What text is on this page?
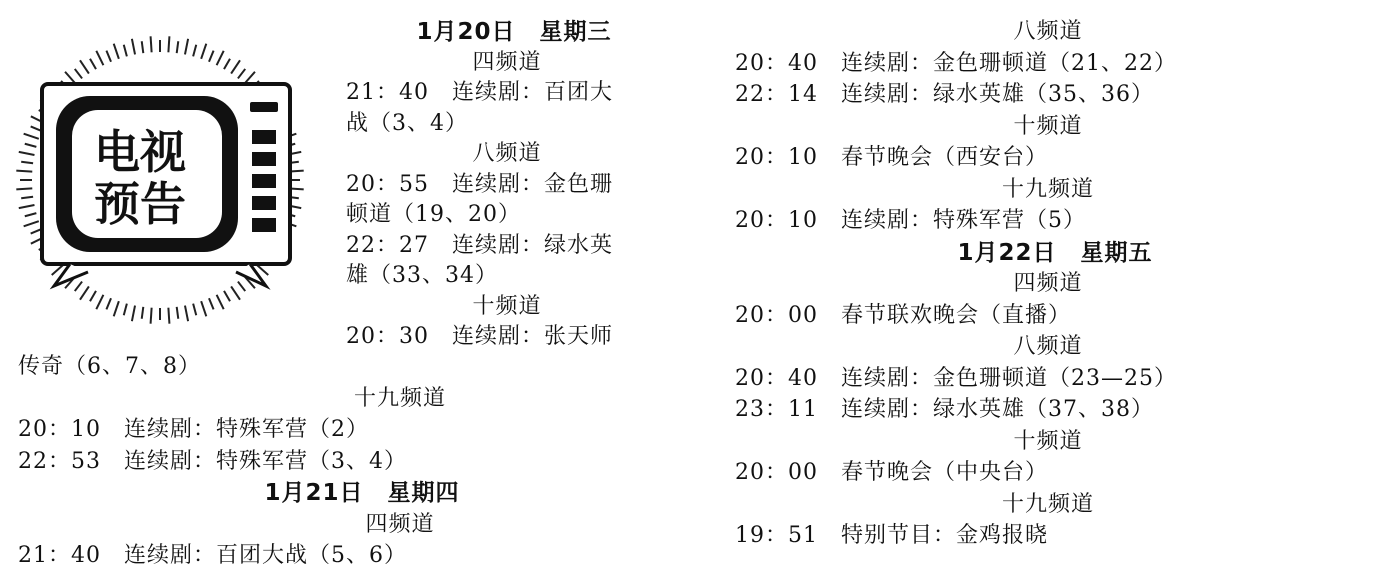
电视
预告
1月20日　星期三
四频道
21：40　连续剧：百团大
战（3、4）
八频道
20：55　连续剧：金色珊
顿道（19、20）
22：27　连续剧：绿水英
雄（33、34）
十频道
20：30　连续剧：张天师
传奇（6、7、8）
十九频道
20：10　连续剧：特殊军营（2）
22：53　连续剧：特殊军营（3、4）
1月21日　星期四
四频道
21：40　连续剧：百团大战（5、6）
八频道
20：40　连续剧：金色珊顿道（21、22）
22：14　连续剧：绿水英雄（35、36）
十频道
20：10　春节晚会（西安台）
十九频道
20：10　连续剧：特殊军营（5）
1月22日　星期五
四频道
20：00　春节联欢晚会（直播）
八频道
20：40　连续剧：金色珊顿道（23—25）
23：11　连续剧：绿水英雄（37、38）
十频道
20：00　春节晚会（中央台）
十九频道
19：51　特别节目：金鸡报晓
